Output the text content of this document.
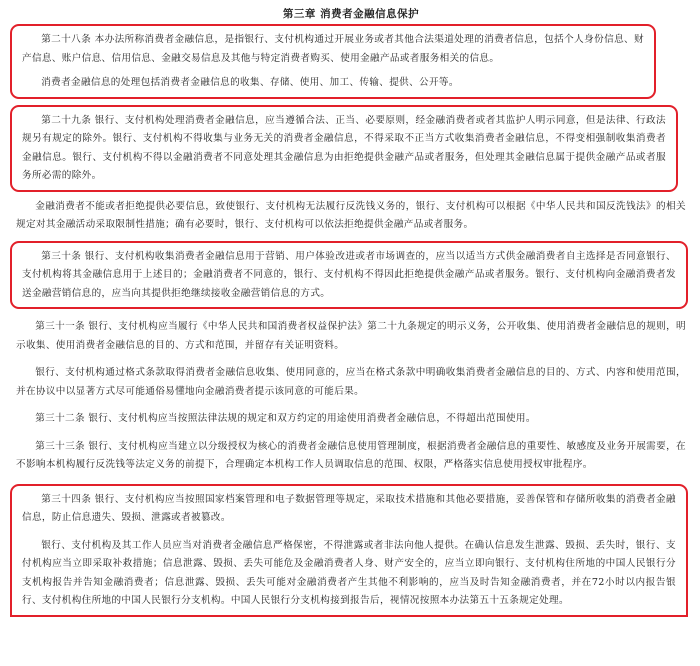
第三章 消费者金融信息保护

第二十八条 本办法所称消费者金融信息，是指银行、支付机构通过开展业务或者其他合法渠道处理的消费者信息，包括个人身份信息、财产信息、账户信息、信用信息、金融交易信息及其他与特定消费者购买、使用金融产品或者服务相关的信息。

消费者金融信息的处理包括消费者金融信息的收集、存储、使用、加工、传输、提供、公开等。

第二十九条 银行、支付机构处理消费者金融信息，应当遵循合法、正当、必要原则，经金融消费者或者其监护人明示同意，但是法律、行政法规另有规定的除外。银行、支付机构不得收集与业务无关的消费者金融信息，不得采取不正当方式收集消费者金融信息，不得变相强制收集消费者金融信息。银行、支付机构不得以金融消费者不同意处理其金融信息为由拒绝提供金融产品或者服务，但处理其金融信息属于提供金融产品或者服务所必需的除外。

金融消费者不能或者拒绝提供必要信息，致使银行、支付机构无法履行反洗钱义务的，银行、支付机构可以根据《中华人民共和国反洗钱法》的相关规定对其金融活动采取限制性措施；确有必要时，银行、支付机构可以依法拒绝提供金融产品或者服务。

第三十条 银行、支付机构收集消费者金融信息用于营销、用户体验改进或者市场调查的，应当以适当方式供金融消费者自主选择是否同意银行、支付机构将其金融信息用于上述目的；金融消费者不同意的，银行、支付机构不得因此拒绝提供金融产品或者服务。银行、支付机构向金融消费者发送金融营销信息的，应当向其提供拒绝继续接收金融营销信息的方式。

第三十一条 银行、支付机构应当履行《中华人民共和国消费者权益保护法》第二十九条规定的明示义务，公开收集、使用消费者金融信息的规则，明示收集、使用消费者金融信息的目的、方式和范围，并留存有关证明资料。

银行、支付机构通过格式条款取得消费者金融信息收集、使用同意的，应当在格式条款中明确收集消费者金融信息的目的、方式、内容和使用范围，并在协议中以显著方式尽可能通俗易懂地向金融消费者提示该同意的可能后果。

第三十二条 银行、支付机构应当按照法律法规的规定和双方约定的用途使用消费者金融信息，不得超出范围使用。

第三十三条 银行、支付机构应当建立以分级授权为核心的消费者金融信息使用管理制度，根据消费者金融信息的重要性、敏感度及业务开展需要，在不影响本机构履行反洗钱等法定义务的前提下，合理确定本机构工作人员调取信息的范围、权限，严格落实信息使用授权审批程序。

第三十四条 银行、支付机构应当按照国家档案管理和电子数据管理等规定，采取技术措施和其他必要措施，妥善保管和存储所收集的消费者金融信息，防止信息遗失、毁损、泄露或者被篡改。

银行、支付机构及其工作人员应当对消费者金融信息严格保密，不得泄露或者非法向他人提供。在确认信息发生泄露、毁损、丢失时，银行、支付机构应当立即采取补救措施；信息泄露、毁损、丢失可能危及金融消费者人身、财产安全的，应当立即向银行、支付机构住所地的中国人民银行分支机构报告并告知金融消费者；信息泄露、毁损、丢失可能对金融消费者产生其他不利影响的，应当及时告知金融消费者，并在72小时以内报告银行、支付机构住所地的中国人民银行分支机构。中国人民银行分支机构接到报告后，视情况按照本办法第五十五条规定处理。
